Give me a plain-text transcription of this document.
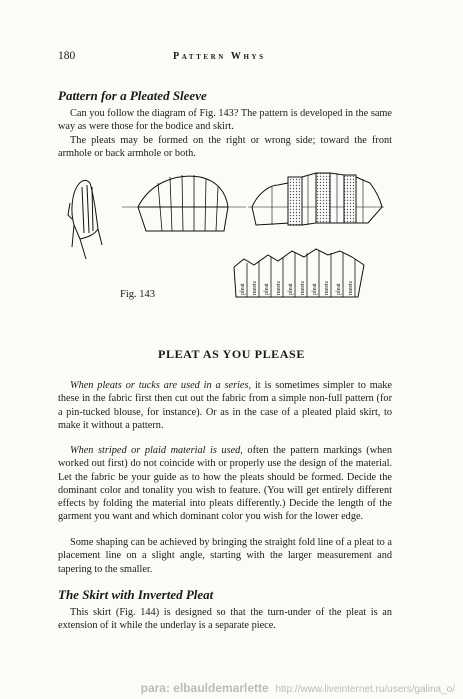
180	Pattern Whys
Pattern for a Pleated Sleeve

Can you follow the diagram of Fig. 143? The pattern is developed in the same way as were those for the bodice and skirt.

The pleats may be formed on the right or wrong side; toward the front armhole or back armhole or both.

pleat meets pleat meets pleat meets pleat meets pleat meets
Fig. 143
PLEAT AS YOU PLEASE

When pleats or tucks are used in a series, it is sometimes simpler to make these in the fabric first then cut out the fabric from a simple non-full pattern (for a pin-tucked blouse, for instance). Or as in the case of a pleated plaid skirt, to make it without a pattern.

When striped or plaid material is used, often the pattern markings (when worked out first) do not coincide with or properly use the design of the material. Let the fabric be your guide as to how the pleats should be formed. Decide the dominant color and tonality you wish to feature. (You will get entirely different effects by folding the material into pleats differently.) Decide the length of the garment you want and which dominant color you wish for the lower edge.

Some shaping can be achieved by bringing the straight fold line of a pleat to a placement line on a slight angle, starting with the larger measurement and tapering to the smaller.

The Skirt with Inverted Pleat

This skirt (Fig. 144) is designed so that the turn-under of the pleat is an extension of it while the underlay is a separate piece.

para: elbauldemarlette http://www.liveinternet.ru/users/galina_o/
